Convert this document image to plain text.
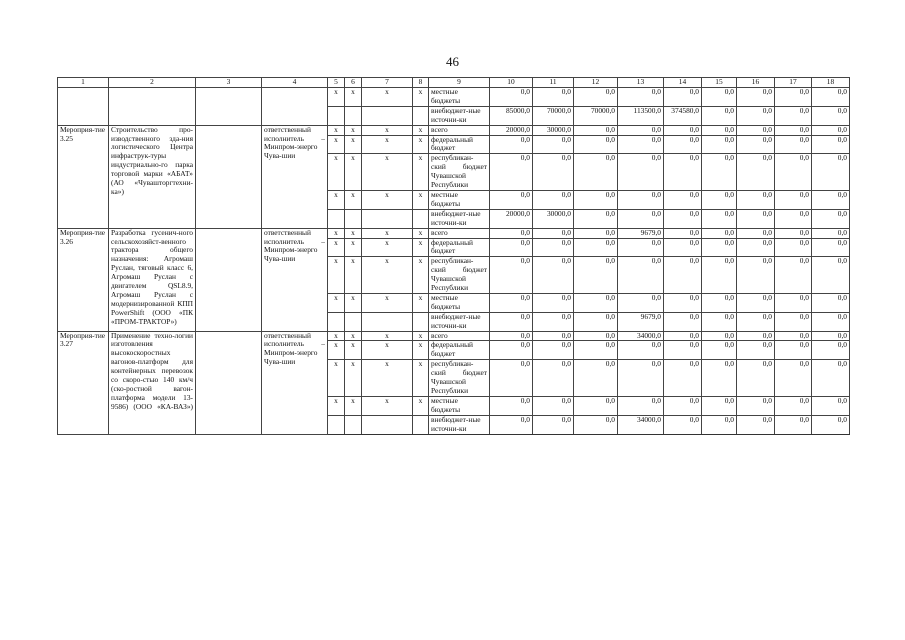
46
1	2	3	4	5	6	7	8	9	10	11	12	13	14	15	16	17	18
				х	х	х	х	местные бюджеты	0,0	0,0	0,0	0,0	0,0	0,0	0,0	0,0	0,0
								внебюджет-ные источни-ки	85000,0	70000,0	70000,0	113500,0	374580,0	0,0	0,0	0,0	0,0
Мероприя-тие 3.25	Строительство про-изводственного зда-ния логистического Центра инфраструк-туры индустриально-го парка торговой марки «АБАТ» (АО «Чувашторгтехни-ка»)		ответственный исполнитель – Минпром-энерго Чува-шии	х	х	х	х	всего	20000,0	30000,0	0,0	0,0	0,0	0,0	0,0	0,0	0,0
				х	х	х	х	федеральный бюджет	0,0	0,0	0,0	0,0	0,0	0,0	0,0	0,0	0,0
				х	х	х	х	республикан-ский бюджет Чувашской Республики	0,0	0,0	0,0	0,0	0,0	0,0	0,0	0,0	0,0
				х	х	х	х	местные бюджеты	0,0	0,0	0,0	0,0	0,0	0,0	0,0	0,0	0,0
								внебюджет-ные источни-ки	20000,0	30000,0	0,0	0,0	0,0	0,0	0,0	0,0	0,0
Мероприя-тие 3.26	Разработка гусенич-ного сельскохозяйст-венного трактора общего назначения: Агромаш Руслан, тяговый класс 6, Агромаш Руслан с двигателем QSL8.9, Агромаш Руслан с модернизированной КПП PowerShift (ООО «ПК «ПРОМ-ТРАКТОР»)		ответственный исполнитель – Минпром-энерго Чува-шии	х	х	х	х	всего	0,0	0,0	0,0	9679,0	0,0	0,0	0,0	0,0	0,0
				х	х	х	х	федеральный бюджет	0,0	0,0	0,0	0,0	0,0	0,0	0,0	0,0	0,0
				х	х	х	х	республикан-ский бюджет Чувашской Республики	0,0	0,0	0,0	0,0	0,0	0,0	0,0	0,0	0,0
				х	х	х	х	местные бюджеты	0,0	0,0	0,0	0,0	0,0	0,0	0,0	0,0	0,0
								внебюджет-ные источни-ки	0,0	0,0	0,0	9679,0	0,0	0,0	0,0	0,0	0,0
Мероприя-тие 3.27	Применение техно-логии изготовления высокоскоростных вагонов-платформ для контейнерных перевозок со скоро-стью 140 км/ч (ско-ростной вагон-платформа модели 13-9586) (ООО «КА-ВАЗ»)		ответственный исполнитель – Минпром-энерго Чува-шии	х	х	х	х	всего	0,0	0,0	0,0	34000,0	0,0	0,0	0,0	0,0	0,0
				х	х	х	х	федеральный бюджет	0,0	0,0	0,0	0,0	0,0	0,0	0,0	0,0	0,0
				х	х	х	х	республикан-ский бюджет Чувашской Республики	0,0	0,0	0,0	0,0	0,0	0,0	0,0	0,0	0,0
				х	х	х	х	местные бюджеты	0,0	0,0	0,0	0,0	0,0	0,0	0,0	0,0	0,0
								внебюджет-ные источни-ки	0,0	0,0	0,0	34000,0	0,0	0,0	0,0	0,0	0,0
